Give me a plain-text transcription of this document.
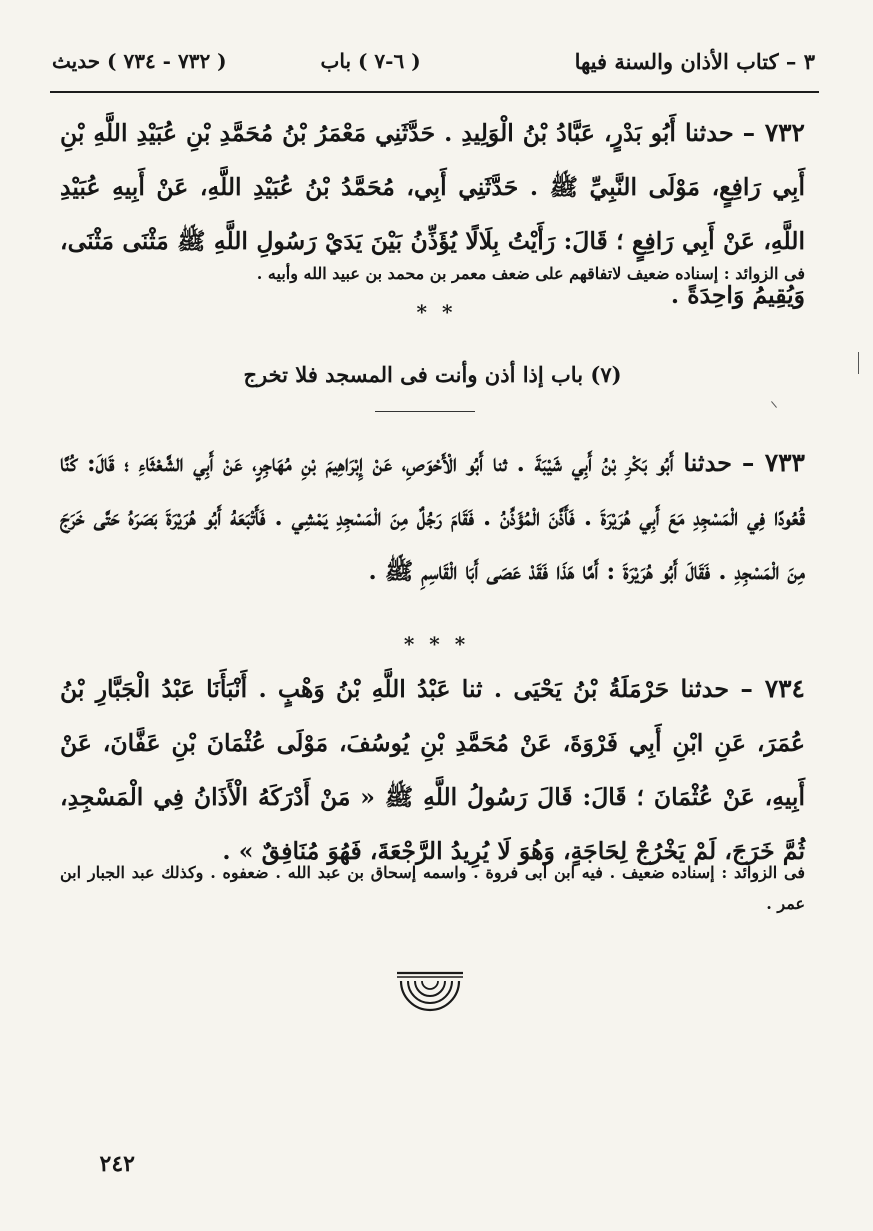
٣ – كتاب الأذان والسنة فيها
( ٦-٧ ) باب
( ٧٣٢ - ٧٣٤ ) حديث
٧٣٢ – حدثنا أَبُو بَدْرٍ، عَبَّادُ بْنُ الْوَلِيدِ . حَدَّثَنِي مَعْمَرُ بْنُ مُحَمَّدِ بْنِ عُبَيْدِ اللَّهِ بْنِ أَبِي رَافِعٍ، مَوْلَى النَّبِيِّ ﷺ . حَدَّثَنِي أَبِي، مُحَمَّدُ بْنُ عُبَيْدِ اللَّهِ، عَنْ أَبِيهِ عُبَيْدِ اللَّهِ، عَنْ أَبِي رَافِعٍ ؛ قَالَ: رَأَيْتُ بِلَالًا يُؤَذِّنُ بَيْنَ يَدَيْ رَسُولِ اللَّهِ ﷺ مَثْنَى مَثْنَى، وَيُقِيمُ وَاحِدَةً .
فى الزوائد : إسناده ضعيف لاتفاقهم على ضعف معمر بن محمد بن عبيد الله وأبيه .
* *
(٧) باب إذا أذن وأنت فى المسجد فلا تخرج
٧٣٣ – حدثنا أَبُو بَكْرِ بْنُ أَبِي شَيْبَةَ . ثنا أَبُو الْأَحْوَصِ، عَنْ إِبْرَاهِيمَ بْنِ مُهَاجِرٍ، عَنْ أَبِي الشَّعْثَاءِ ؛ قَالَ: كُنَّا قُعُودًا فِي الْمَسْجِدِ مَعَ أَبِي هُرَيْرَةَ . فَأَذَّنَ الْمُؤَذِّنُ . فَقَامَ رَجُلٌ مِنَ الْمَسْجِدِ يَمْشِي . فَأَتْبَعَهُ أَبُو هُرَيْرَةَ بَصَرَهُ حَتَّى خَرَجَ مِنَ الْمَسْجِدِ . فَقَالَ أَبُو هُرَيْرَةَ : أَمَّا هَذَا فَقَدْ عَصَى أَبَا الْقَاسِمِ ﷺ .
* * *
٧٣٤ – حدثنا حَرْمَلَةُ بْنُ يَحْيَى . ثنا عَبْدُ اللَّهِ بْنُ وَهْبٍ . أَنْبَأَنَا عَبْدُ الْجَبَّارِ بْنُ عُمَرَ، عَنِ ابْنِ أَبِي فَرْوَةَ، عَنْ مُحَمَّدِ بْنِ يُوسُفَ، مَوْلَى عُثْمَانَ بْنِ عَفَّانَ، عَنْ أَبِيهِ، عَنْ عُثْمَانَ ؛ قَالَ: قَالَ رَسُولُ اللَّهِ ﷺ « مَنْ أَدْرَكَهُ الْأَذَانُ فِي الْمَسْجِدِ، ثُمَّ خَرَجَ، لَمْ يَخْرُجْ لِحَاجَةٍ، وَهُوَ لَا يُرِيدُ الرَّجْعَةَ، فَهُوَ مُنَافِقٌ » .
فى الزوائد : إسناده ضعيف . فيه ابن أبى فروة . واسمه إسحاق بن عبد الله . ضعفوه . وكذلك عبد الجبار ابن عمر .
٢٤٢
